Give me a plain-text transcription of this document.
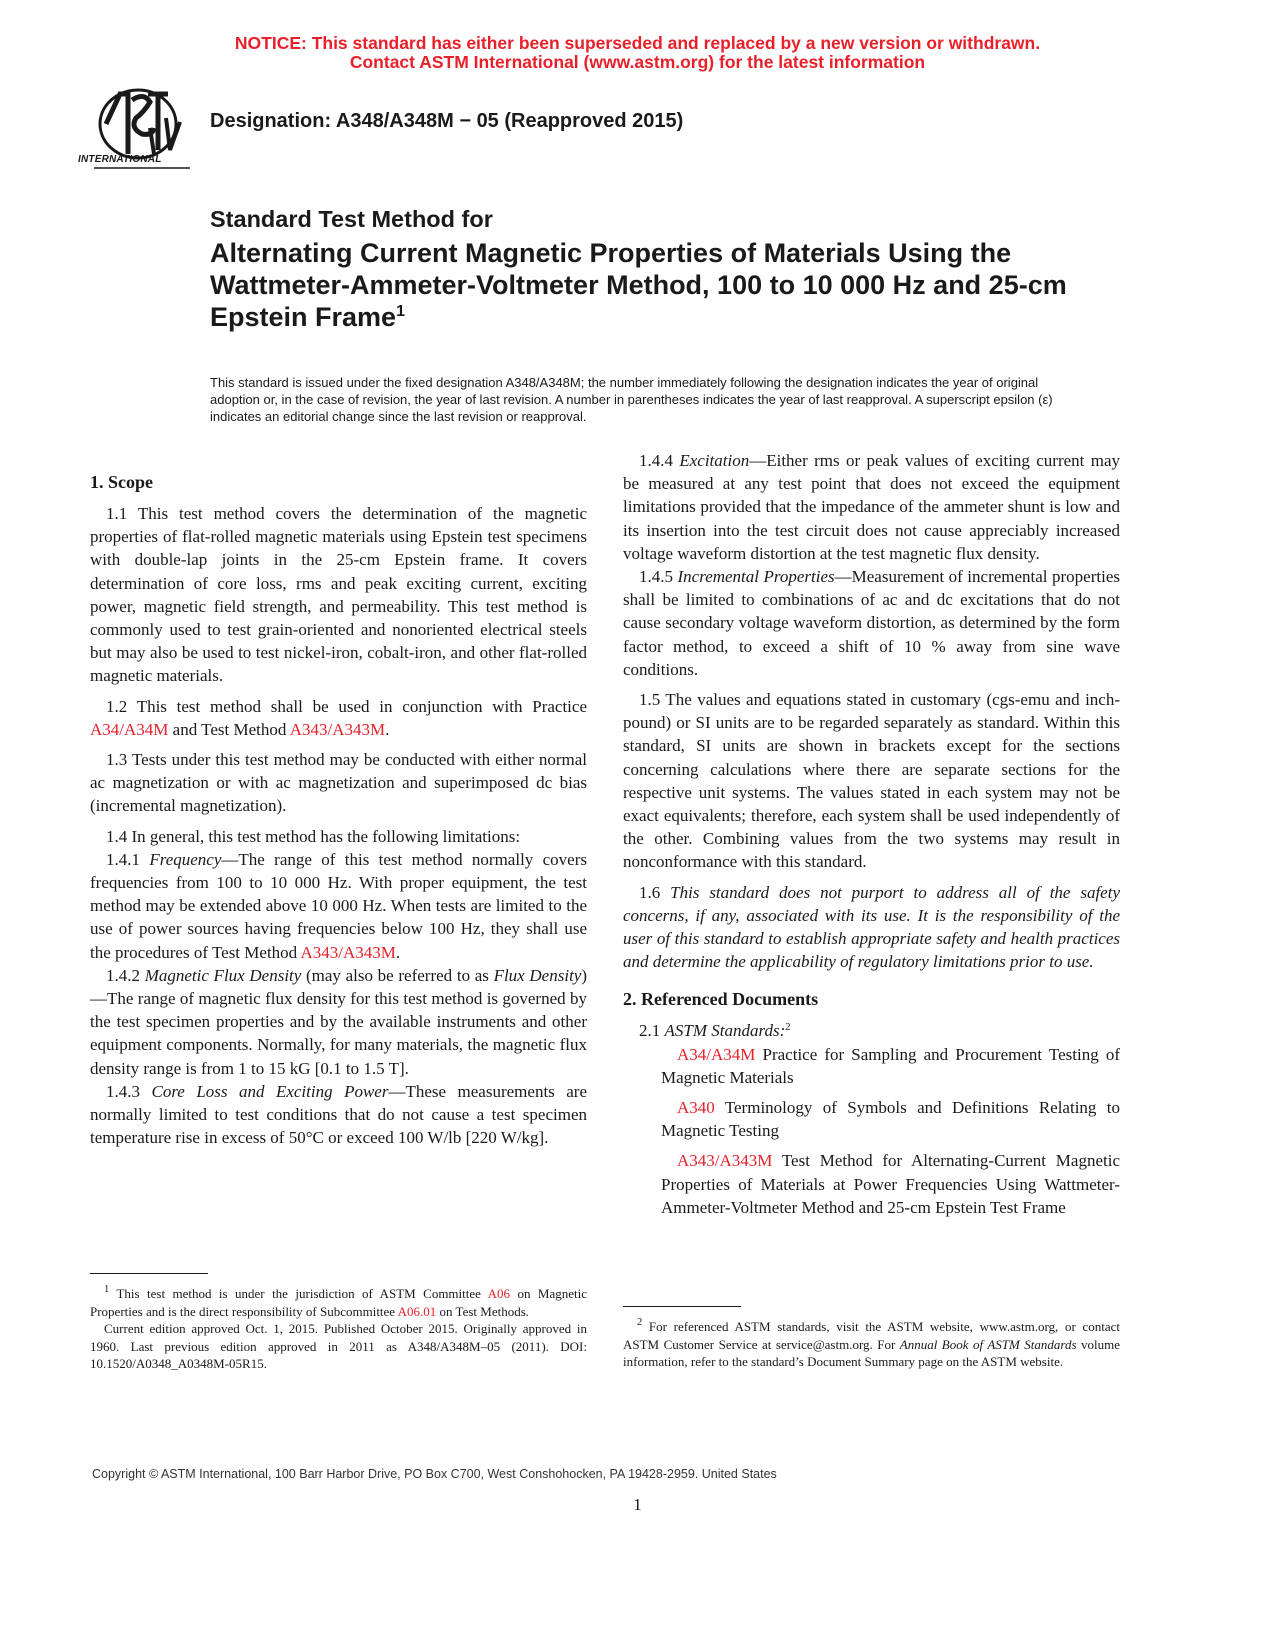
NOTICE: This standard has either been superseded and replaced by a new version or withdrawn.
Contact ASTM International (www.astm.org) for the latest information
INTERNATIONAL
Designation: A348/A348M − 05 (Reapproved 2015)
Standard Test Method for
Alternating Current Magnetic Properties of Materials Using the Wattmeter-Ammeter-Voltmeter Method, 100 to 10 000 Hz and 25-cm Epstein Frame$^1$
This standard is issued under the fixed designation A348/A348M; the number immediately following the designation indicates the year of original adoption or, in the case of revision, the year of last revision. A number in parentheses indicates the year of last reapproval. A superscript epsilon (ε) indicates an editorial change since the last revision or reapproval.
1. Scope

1.1 This test method covers the determination of the magnetic properties of flat-rolled magnetic materials using Epstein test specimens with double-lap joints in the 25-cm Epstein frame. It covers determination of core loss, rms and peak exciting current, exciting power, magnetic field strength, and permeability. This test method is commonly used to test grain-oriented and nonoriented electrical steels but may also be used to test nickel-iron, cobalt-iron, and other flat-rolled magnetic materials.

1.2 This test method shall be used in conjunction with Practice A34/A34M and Test Method A343/A343M.

1.3 Tests under this test method may be conducted with either normal ac magnetization or with ac magnetization and superimposed dc bias (incremental magnetization).

1.4 In general, this test method has the following limitations:

1.4.1 Frequency—The range of this test method normally covers frequencies from 100 to 10 000 Hz. With proper equipment, the test method may be extended above 10 000 Hz. When tests are limited to the use of power sources having frequencies below 100 Hz, they shall use the procedures of Test Method A343/A343M.

1.4.2 Magnetic Flux Density (may also be referred to as Flux Density)—The range of magnetic flux density for this test method is governed by the test specimen properties and by the available instruments and other equipment components. Normally, for many materials, the magnetic flux density range is from 1 to 15 kG [0.1 to 1.5 T].

1.4.3 Core Loss and Exciting Power—These measurements are normally limited to test conditions that do not cause a test specimen temperature rise in excess of 50°C or exceed 100 W/lb [220 W/kg].

$^1$ This test method is under the jurisdiction of ASTM Committee A06 on Magnetic Properties and is the direct responsibility of Subcommittee A06.01 on Test Methods.

Current edition approved Oct. 1, 2015. Published October 2015. Originally approved in 1960. Last previous edition approved in 2011 as A348/A348M–05 (2011). DOI: 10.1520/A0348_A0348M-05R15.

1.4.4 Excitation—Either rms or peak values of exciting current may be measured at any test point that does not exceed the equipment limitations provided that the impedance of the ammeter shunt is low and its insertion into the test circuit does not cause appreciably increased voltage waveform distortion at the test magnetic flux density.

1.4.5 Incremental Properties—Measurement of incremental properties shall be limited to combinations of ac and dc excitations that do not cause secondary voltage waveform distortion, as determined by the form factor method, to exceed a shift of 10 % away from sine wave conditions.

1.5 The values and equations stated in customary (cgs-emu and inch-pound) or SI units are to be regarded separately as standard. Within this standard, SI units are shown in brackets except for the sections concerning calculations where there are separate sections for the respective unit systems. The values stated in each system may not be exact equivalents; therefore, each system shall be used independently of the other. Combining values from the two systems may result in nonconformance with this standard.

1.6 This standard does not purport to address all of the safety concerns, if any, associated with its use. It is the responsibility of the user of this standard to establish appropriate safety and health practices and determine the applicability of regulatory limitations prior to use.

2. Referenced Documents

2.1 ASTM Standards:$^2$

A34/A34M Practice for Sampling and Procurement Testing of Magnetic Materials

A340 Terminology of Symbols and Definitions Relating to Magnetic Testing

A343/A343M Test Method for Alternating-Current Magnetic Properties of Materials at Power Frequencies Using Wattmeter-Ammeter-Voltmeter Method and 25-cm Epstein Test Frame

$^2$ For referenced ASTM standards, visit the ASTM website, www.astm.org, or contact ASTM Customer Service at service@astm.org. For Annual Book of ASTM Standards volume information, refer to the standard’s Document Summary page on the ASTM website.

Copyright © ASTM International, 100 Barr Harbor Drive, PO Box C700, West Conshohocken, PA 19428-2959. United States
1
